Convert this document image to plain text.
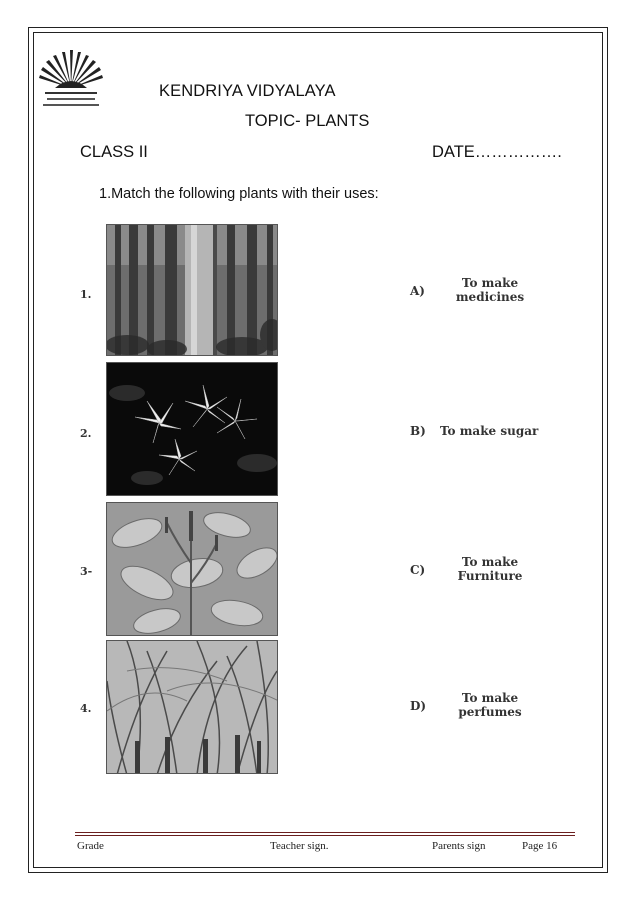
KENDRIYA VIDYALAYA
TOPIC- PLANTS
CLASS II	DATE…………….
1.Match the following plants with their uses:
1.
2.
3-
4.
A)
To make
medicines
B) To make sugar
C)
To make
Furniture
D)
To make
perfumes
Grade	Teacher sign.	Parents sign	Page 16
